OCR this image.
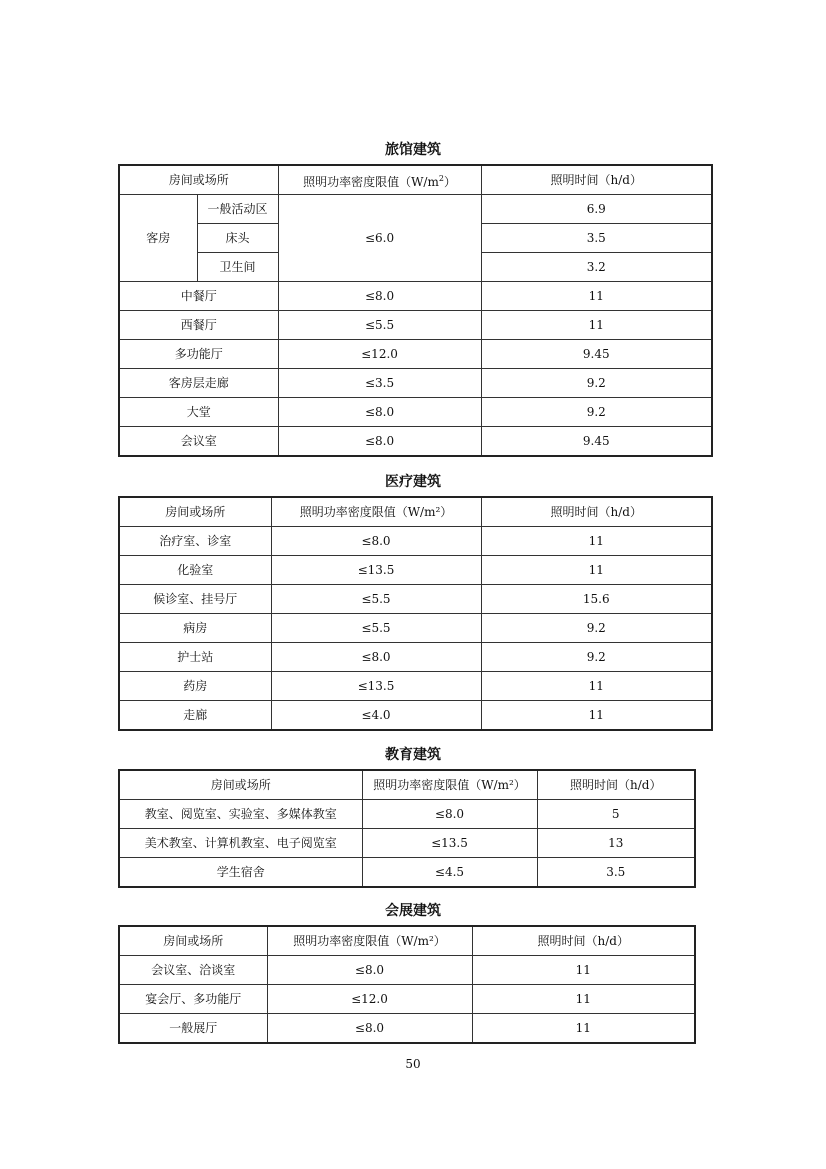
旅馆建筑
房间或场所		照明功率密度限值$(W/m^2)$	照明时间（h/d）
客房	一般活动区	≤6.0	6.9
	床头		3.5
	卫生间		3.2
中餐厅		≤8.0	11
西餐厅		≤5.5	11
多功能厅		≤12.0	9.45
客房层走廊		≤3.5	9.2
大堂		≤8.0	9.2
会议室		≤8.0	9.45
医疗建筑
房间或场所	照明功率密度限值（W/m²）	照明时间（h/d）
治疗室、诊室	≤8.0	11
化验室	≤13.5	11
候诊室、挂号厅	≤5.5	15.6
病房	≤5.5	9.2
护士站	≤8.0	9.2
药房	≤13.5	11
走廊	≤4.0	11
教育建筑
房间或场所	照明功率密度限值（W/m²）	照明时间（h/d）
教室、阅览室、实验室、多媒体教室	≤8.0	5
美术教室、计算机教室、电子阅览室	≤13.5	13
学生宿舍	≤4.5	3.5
会展建筑
房间或场所	照明功率密度限值（W/m²）	照明时间（h/d）
会议室、洽谈室	≤8.0	11
宴会厅、多功能厅	≤12.0	11
一般展厅	≤8.0	11
50
